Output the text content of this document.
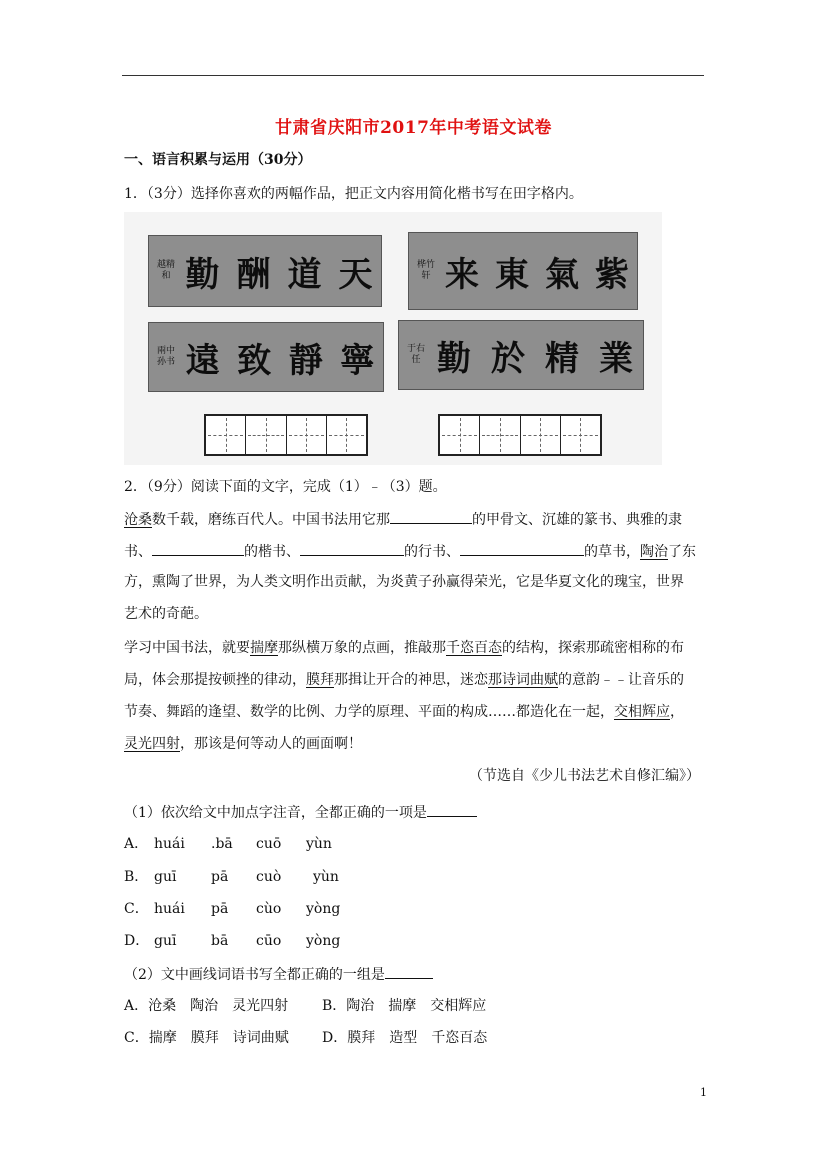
甘肃省庆阳市2017年中考语文试卷
一、语言积累与运用（30分）
1．（3分）选择你喜欢的两幅作品，把正文内容用简化楷书写在田字格内。
越精和 勤 酬 道 天	桦竹轩 来 東 氣 紫
兩中孙书 遠 致 靜 寧	于右任 勤 於 精 業
2．（9分）阅读下面的文字，完成（1）﹣（3）题。
沧桑数千载，磨练百代人。中国书法用它那	的甲骨文、沉雄的篆书、典雅的隶
书、	的楷书、	的行书、	的草书，陶治了东
方，熏陶了世界，为人类文明作出贡献，为炎黄子孙赢得荣光，它是华夏文化的瑰宝，世界
艺术的奇葩。
学习中国书法，就要揣摩那纵横万象的点画，推敲那千恣百态的结构，探索那疏密相称的布
局，体会那提按顿挫的律动，膜拜那揖让开合的神思，迷恋那诗词曲赋的意韵﹣﹣让音乐的
节奏、舞蹈的逢望、数学的比例、力学的原理、平面的构成……都造化在一起，交相辉应，
灵光四射，那该是何等动人的画面啊！
（节选自《少儿书法艺术自修汇编》）
（1）依次给文中加点字注音，全都正确的一项是
A． huái .bā cuō yùn
B． guī pā cuò yùn
C． huái pā cùo yòng
D． guī bā cūo yòng
（2）文中画线词语书写全都正确的一组是
A．沧桑　陶治　灵光四射 B．陶治　揣摩　交相辉应
C．揣摩　膜拜　诗词曲赋 D．膜拜　造型　千恣百态
1
